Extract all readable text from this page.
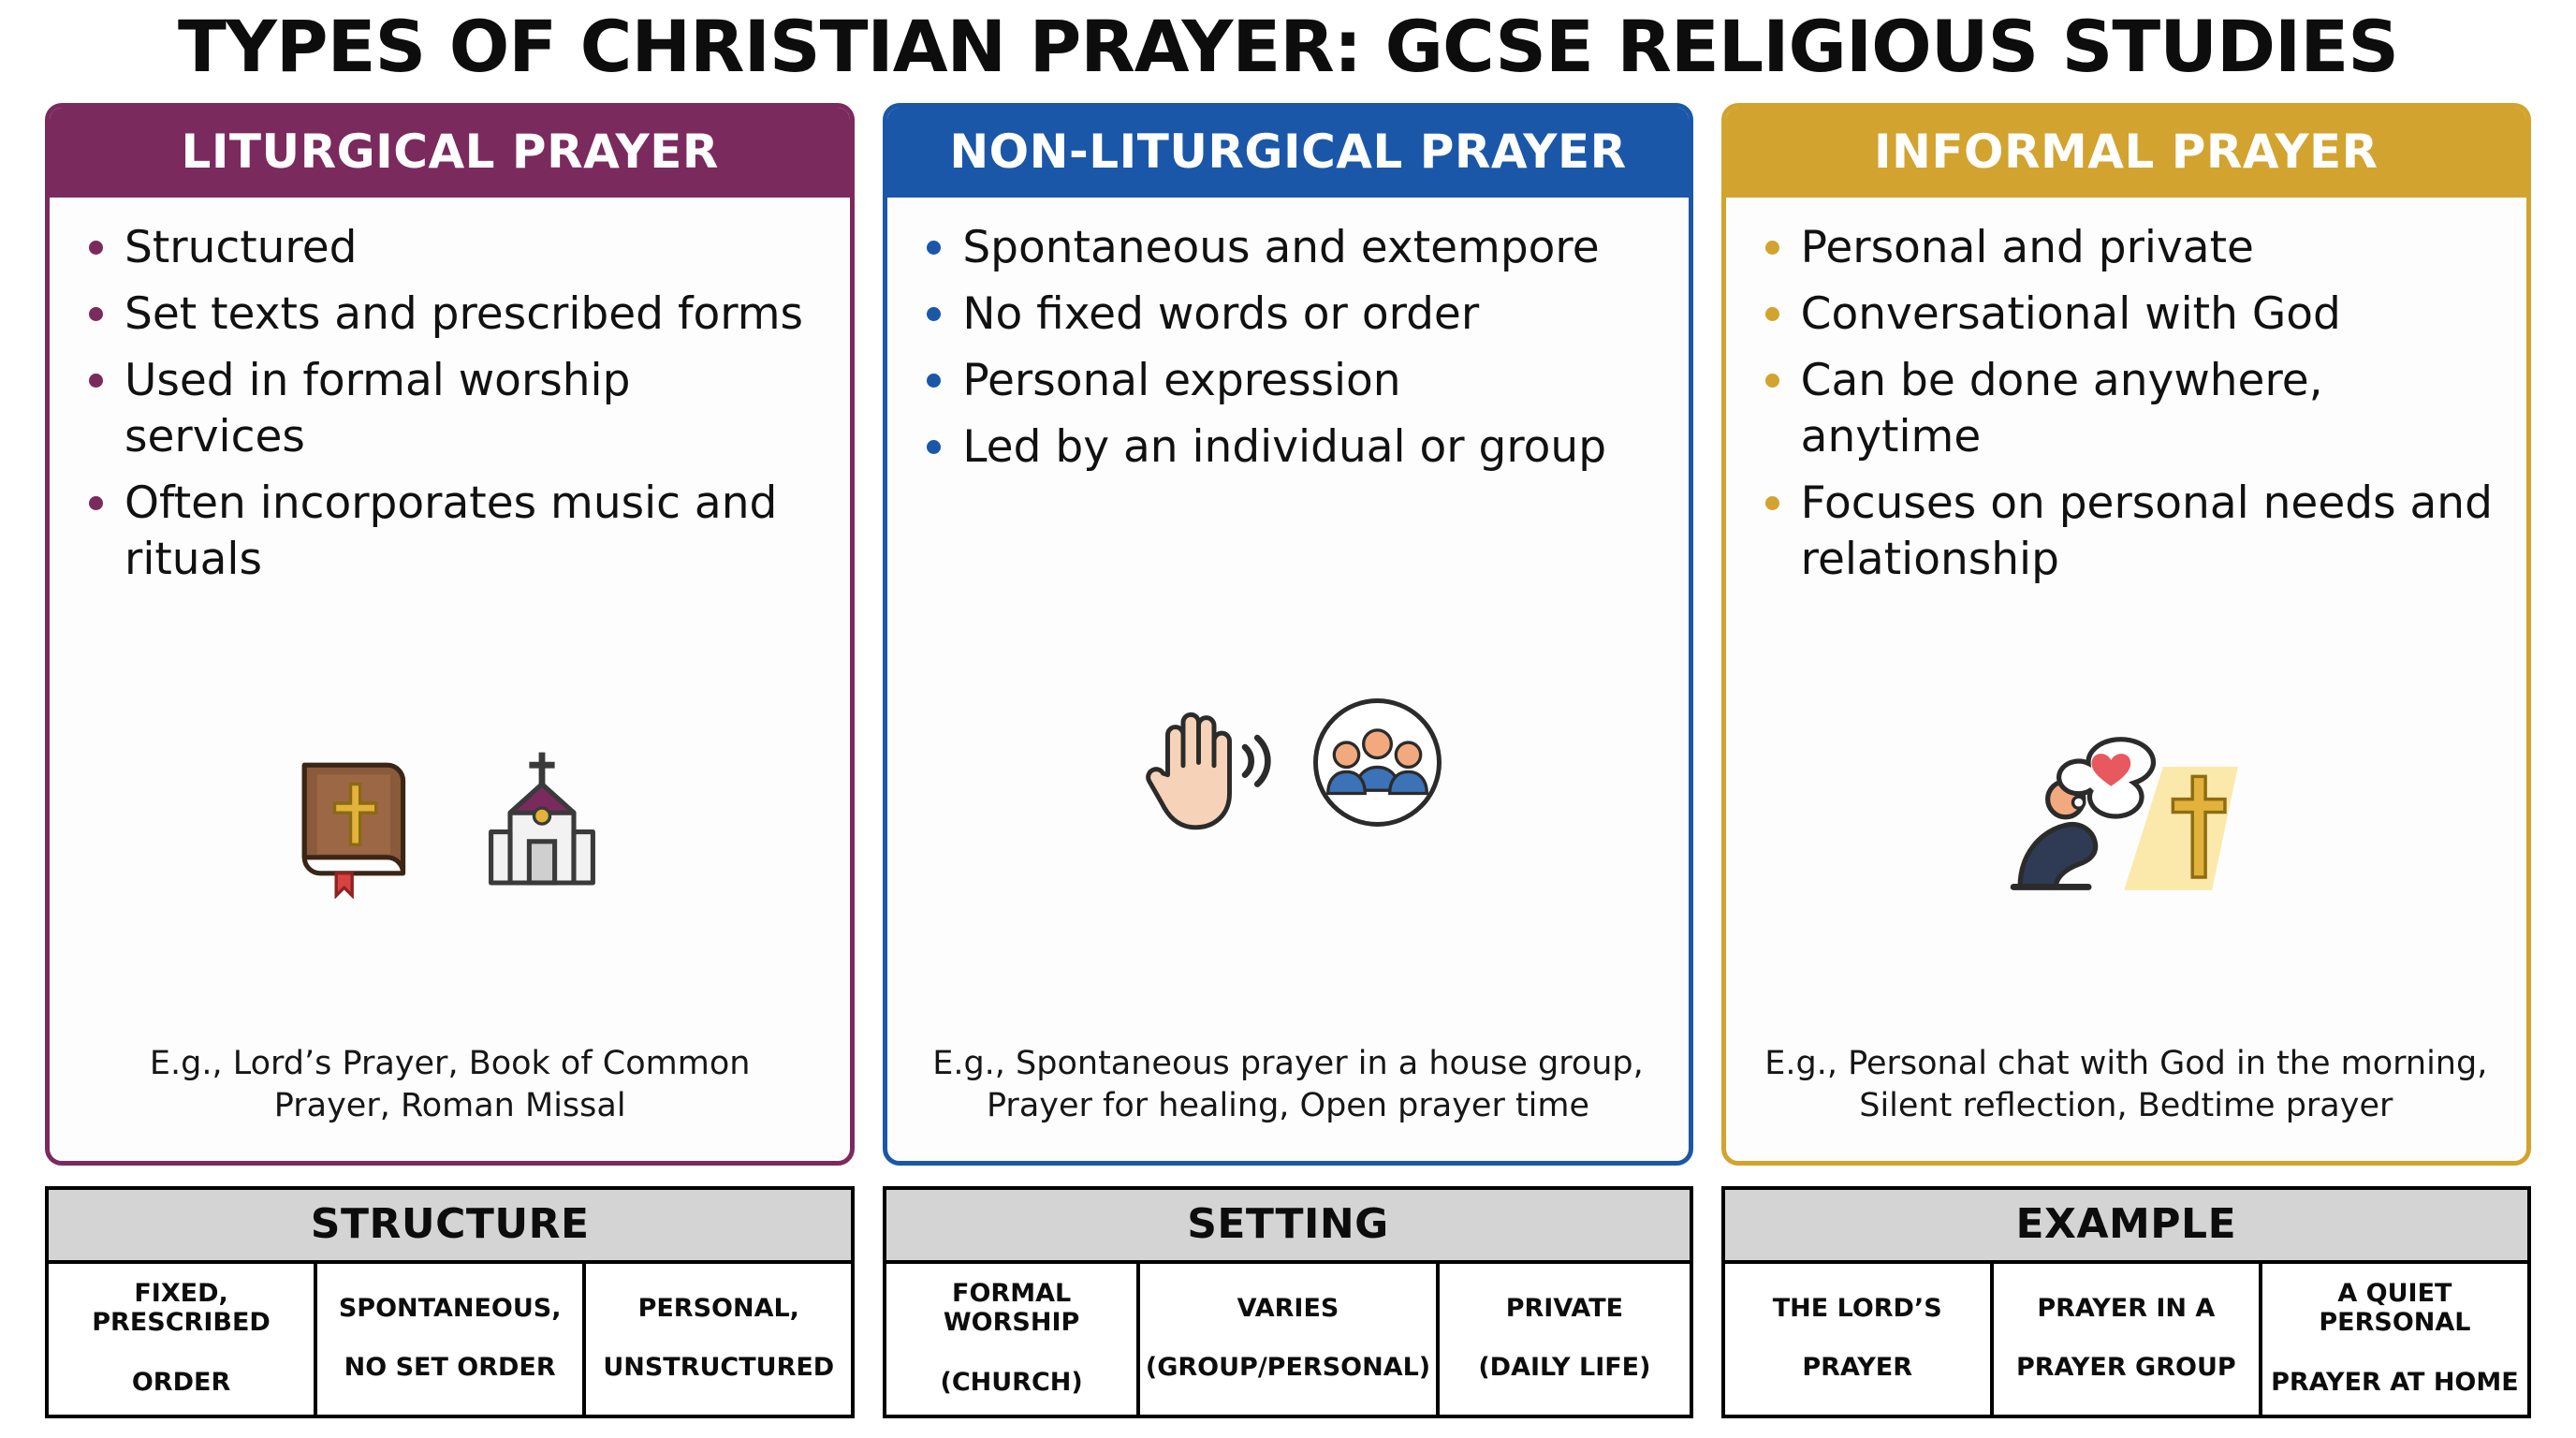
TYPES OF CHRISTIAN PRAYER: GCSE RELIGIOUS STUDIES
LITURGICAL PRAYER
Structured
Set texts and prescribed forms
Used in formal worship services
Often incorporates music and rituals
E.g., Lord’s Prayer, Book of Common Prayer, Roman Missal
NON-LITURGICAL PRAYER
Spontaneous and extempore
No fixed words or order
Personal expression
Led by an individual or group
E.g., Spontaneous prayer in a house group, Prayer for healing, Open prayer time
INFORMAL PRAYER
Personal and private
Conversational with God
Can be done anywhere, anytime
Focuses on personal needs and relationship
E.g., Personal chat with God in the morning, Silent reflection, Bedtime prayer
STRUCTURE
FIXED, PRESCRIBED

ORDER
SPONTANEOUS,

NO SET ORDER
PERSONAL,

UNSTRUCTURED
SETTING
FORMAL WORSHIP

(CHURCH)
VARIES

(GROUP/PERSONAL)
PRIVATE

(DAILY LIFE)
EXAMPLE
THE LORD’S

PRAYER
PRAYER IN A

PRAYER GROUP
A QUIET PERSONAL

PRAYER AT HOME
